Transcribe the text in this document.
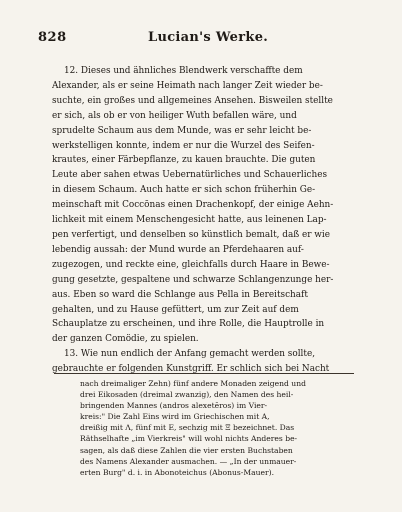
828	Lucian's Werke.
12. Dieses und ähnliches Blendwerk verschaffte dem
Alexander, als er seine Heimath nach langer Zeit wieder be-
suchte, ein großes und allgemeines Ansehen. Bisweilen stellte
er sich, als ob er von heiliger Wuth befallen wäre, und
sprudelte Schaum aus dem Munde, was er sehr leicht be-
werkstelligen konnte, indem er nur die Wurzel des Seifen-
krautes, einer Färbepflanze, zu kauen brauchte. Die guten
Leute aber sahen etwas Uebernatürliches und Schauerliches
in diesem Schaum. Auch hatte er sich schon früherhin Ge-
meinschaft mit Coccōnas einen Drachenkopf, der einige Aehn-
lichkeit mit einem Menschengesicht hatte, aus leinenen Lap-
pen verfertigt, und denselben so künstlich bemalt, daß er wie
lebendig aussah: der Mund wurde an Pferdehaaren auf-
zugezogen, und reckte eine, gleichfalls durch Haare in Bewe-
gung gesetzte, gespaltene und schwarze Schlangenzunge her-
aus. Eben so ward die Schlange aus Pella in Bereitschaft
gehalten, und zu Hause gefüttert, um zur Zeit auf dem
Schauplatze zu erscheinen, und ihre Rolle, die Hauptrolle in
der ganzen Comödie, zu spielen.
13. Wie nun endlich der Anfang gemacht werden sollte,
gebrauchte er folgenden Kunstgriff. Er schlich sich bei Nacht
nach dreimaliger Zehn) fünf andere Monaden zeigend und
drei Eikosaden (dreimal zwanzig), den Namen des heil-
bringenden Mannes (andros alexetēros) im Vier-
kreis:" Die Zahl Eins wird im Griechischen mit A,
dreißig mit Λ, fünf mit E, sechzig mit Ξ bezeichnet. Das
Räthselhafte „im Vierkreis" will wohl nichts Anderes be-
sagen, als daß diese Zahlen die vier ersten Buchstaben
des Namens Alexander ausmachen. — „In der unmauer-
erten Burg" d. i. in Abonoteichus (Abonus-Mauer).
